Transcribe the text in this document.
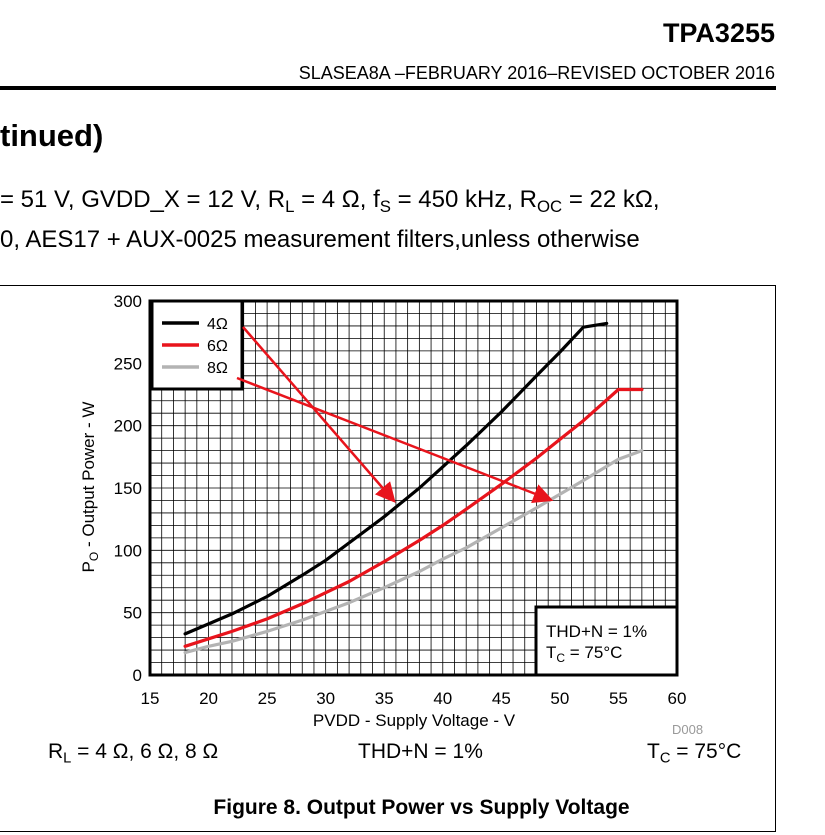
TPA3255
SLASEA8A –FEBRUARY 2016–REVISED OCTOBER 2016
tinued)
= 51 V, GVDD_X = 12 V, $R_L = 4$ Ω, $f_S = 450$ kHz, $R_{OC} = 22$ kΩ,
0, AES17 + AUX-0025 measurement filters,unless otherwise
4Ω
6Ω
8Ω
THD+N = 1%
$T_C = 75^\circ C$
15 20 25 30 35 40 45 50 55 60
0
50
100
150
200
250
300
PVDD - Supply Voltage - V
$P_O$ - Output Power - W
D008
$R_L = 4$ Ω, 6 Ω, 8 Ω	THD+N = 1%	$T_C = 75^\circ C$
Figure 8. Output Power vs Supply Voltage
